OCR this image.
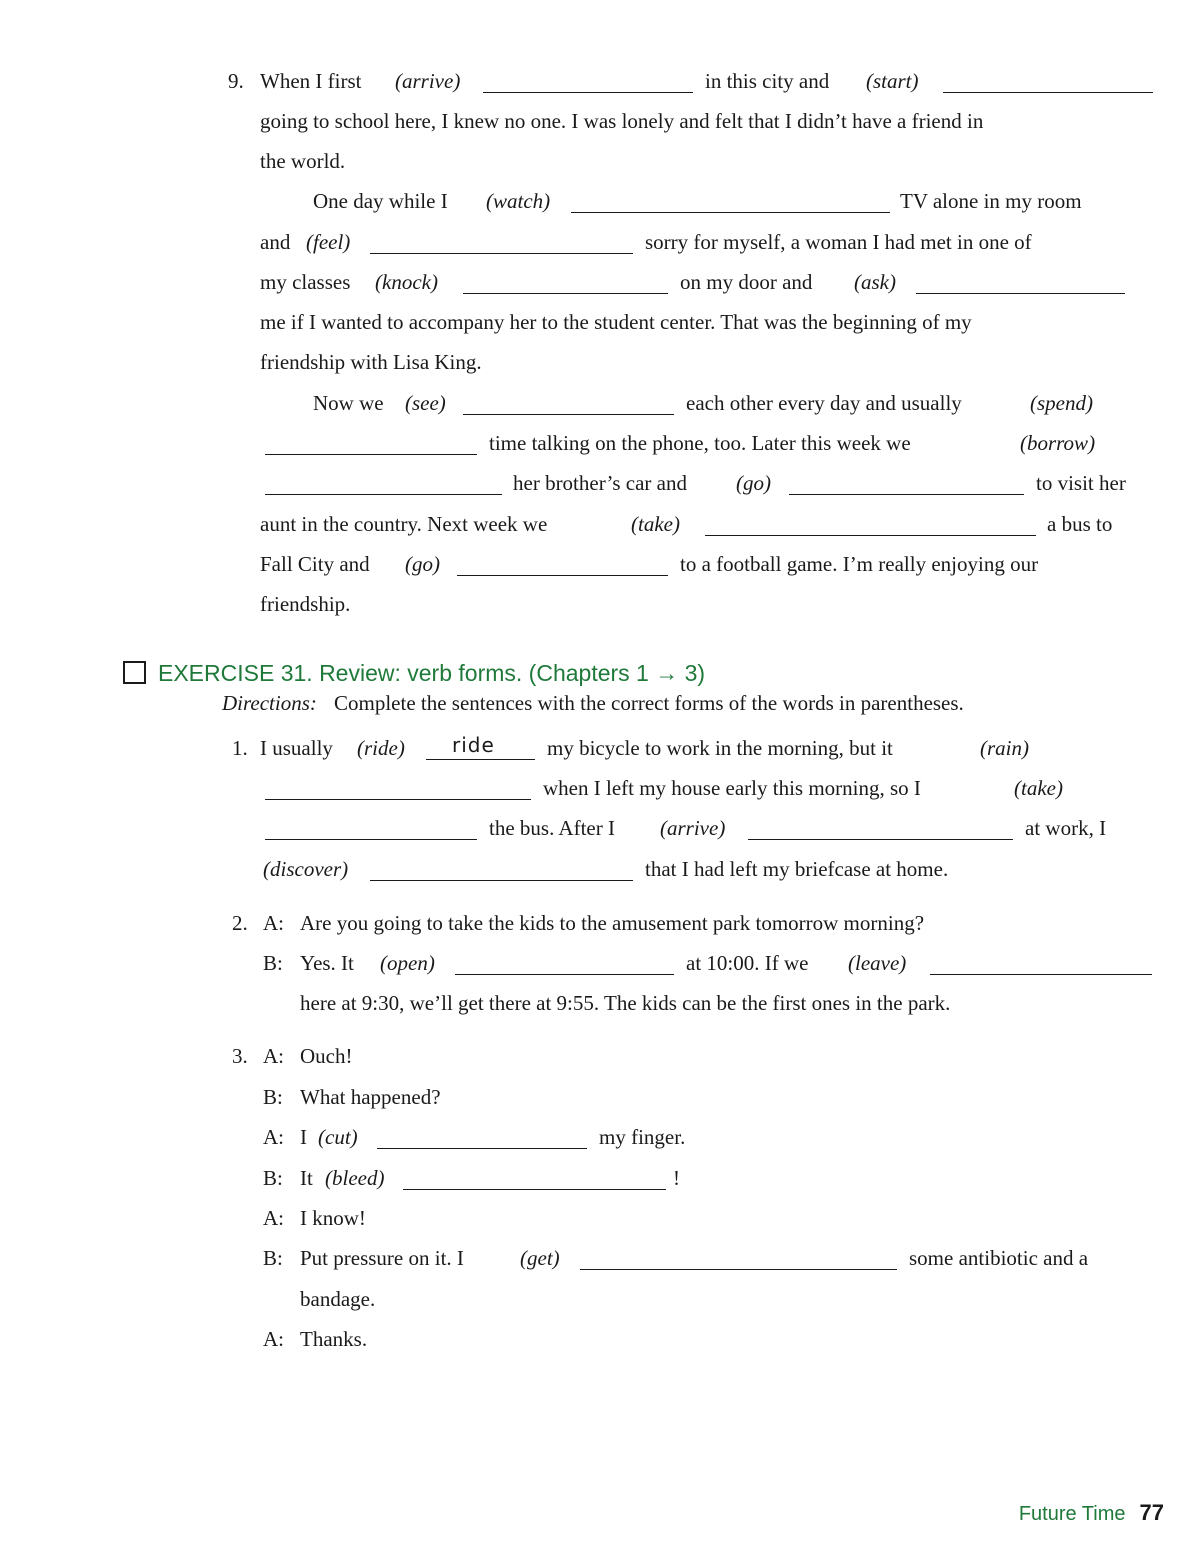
9. When I first (arrive)	in this city and (start)
going to school here, I knew no one. I was lonely and felt that I didn’t have a friend in
the world.
One day while I (watch)	TV alone in my room
and (feel)	sorry for myself, a woman I had met in one of
my classes (knock)	on my door and (ask)
me if I wanted to accompany her to the student center. That was the beginning of my
friendship with Lisa King.
Now we (see)	each other every day and usually	(spend)
time talking on the phone, too. Later this week we	(borrow)
her brother’s car and (go)	to visit her
aunt in the country. Next week we	(take)	a bus to
Fall City and (go)	to a football game. I’m really enjoying our
friendship.
EXERCISE 31. Review: verb forms. (Chapters 1 → 3)
Directions: Complete the sentences with the correct forms of the words in parentheses.
1. I usually (ride) ride my bicycle to work in the morning, but it	(rain)
when I left my house early this morning, so I	(take)
the bus. After I (arrive)	at work, I
(discover)	that I had left my briefcase at home.
2. A: Are you going to take the kids to the amusement park tomorrow morning?
B: Yes. It (open)	at 10:00. If we (leave)
here at 9:30, we’ll get there at 9:55. The kids can be the first ones in the park.
3. A: Ouch!
B: What happened?
A: I (cut)	my finger.
B: It (bleed)	!
A: I know!
B: Put pressure on it. I	(get)	some antibiotic and a
bandage.
A: Thanks.
Future Time 77
